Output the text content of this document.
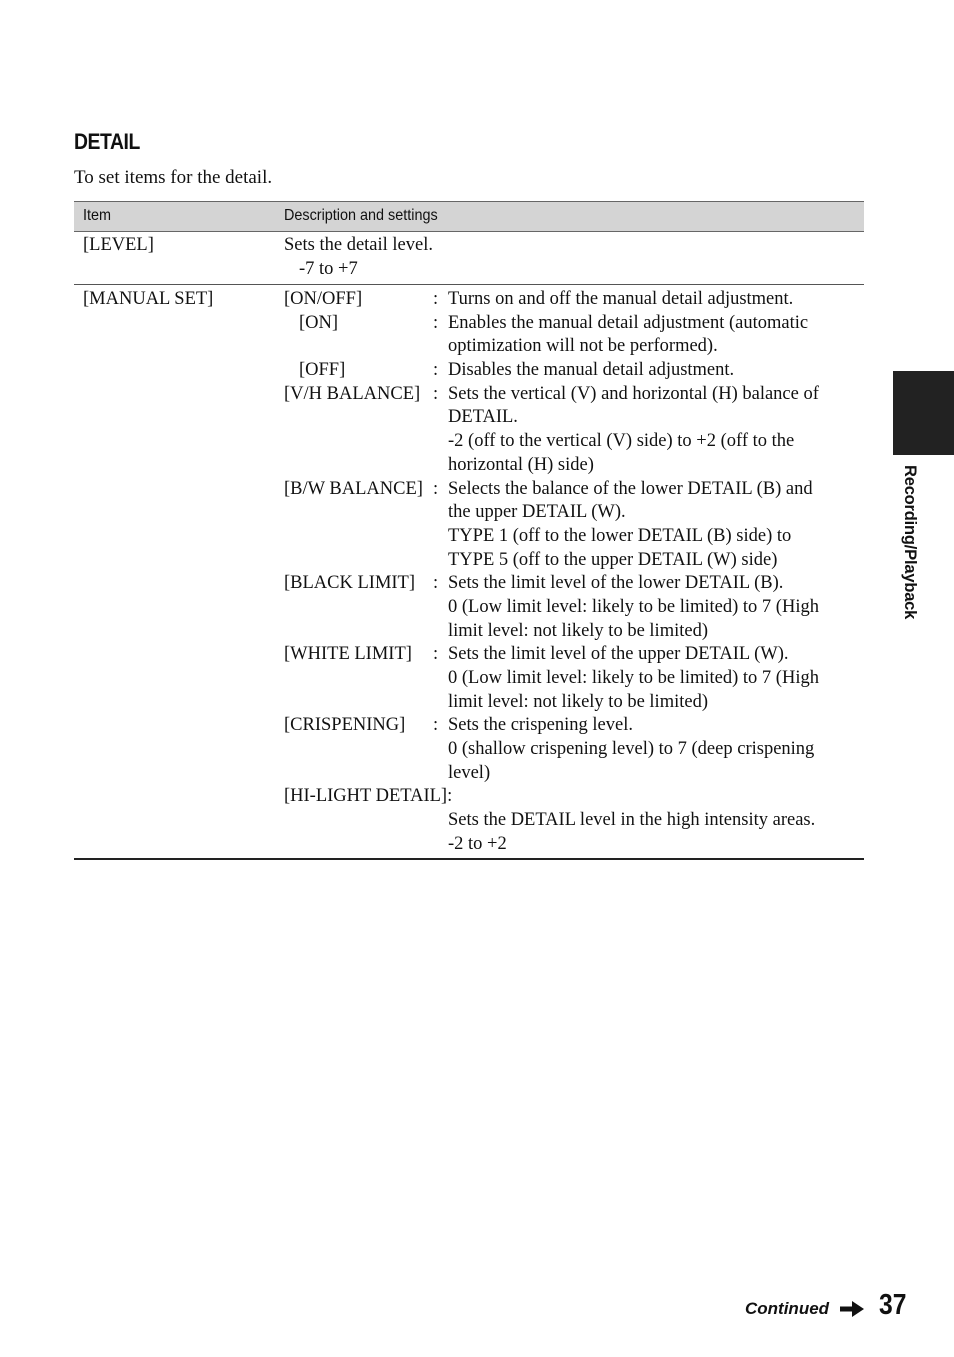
DETAIL
To set items for the detail.
Item	Description and settings
[LEVEL]	Sets the detail level.
-7 to +7
[MANUAL SET]	[ON/OFF]	: Turns on and off the manual detail adjustment.
[ON]	: Enables the manual detail adjustment (automatic
optimization will not be performed).
[OFF]	: Disables the manual detail adjustment.
[V/H BALANCE] : Sets the vertical (V) and horizontal (H) balance of
DETAIL.
-2 (off to the vertical (V) side) to +2 (off to the
horizontal (H) side)
[B/W BALANCE] : Selects the balance of the lower DETAIL (B) and
the upper DETAIL (W).
TYPE 1 (off to the lower DETAIL (B) side) to
TYPE 5 (off to the upper DETAIL (W) side)
[BLACK LIMIT] : Sets the limit level of the lower DETAIL (B).
0 (Low limit level: likely to be limited) to 7 (High
limit level: not likely to be limited)
[WHITE LIMIT] : Sets the limit level of the upper DETAIL (W).
0 (Low limit level: likely to be limited) to 7 (High
limit level: not likely to be limited)
[CRISPENING] : Sets the crispening level.
0 (shallow crispening level) to 7 (deep crispening
level)
[HI-LIGHT DETAIL]:
Sets the DETAIL level in the high intensity areas.
-2 to +2
Recording/Playback
Continued 37
